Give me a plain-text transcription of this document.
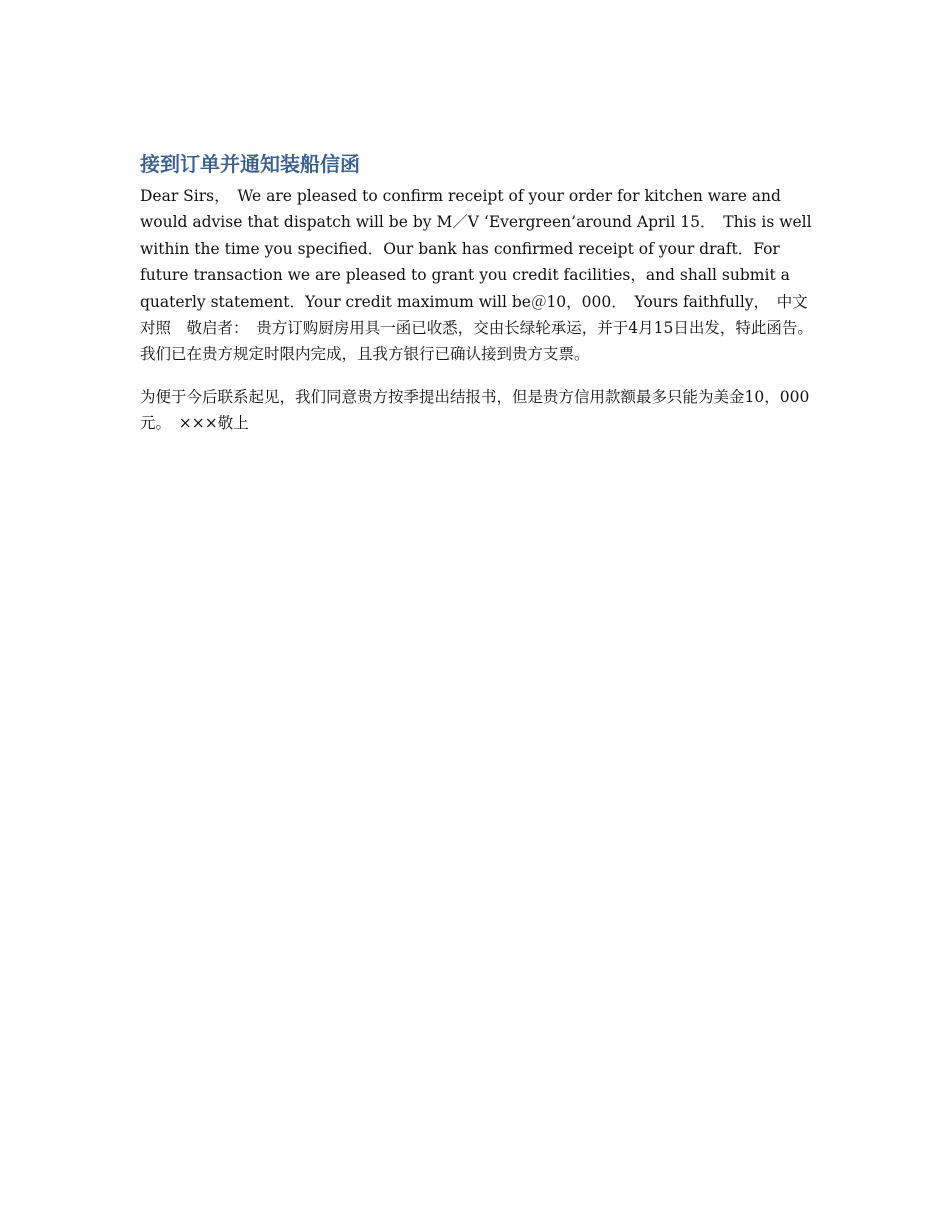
接到订单并通知装船信函

Dear Sirs，　We are pleased to confirm receipt of your order for kitchen ware and would advise that dispatch will be by M／V ‘Evergreen’around April 15．　This is well within the time you specified．Our bank has confirmed receipt of your draft．For future transaction we are pleased to grant you credit facilities，and shall submit a quaterly statement．Your credit maximum will be＠10，000．　Yours faithfully，　中文对照　敬启者：　贵方订购厨房用具一函已收悉，交由长绿轮承运，并于4月15日出发，特此函告。　我们已在贵方规定时限内完成，且我方银行已确认接到贵方支票。

为便于今后联系起见，我们同意贵方按季提出结报书，但是贵方信用款额最多只能为美金10，000元。　×××敬上
